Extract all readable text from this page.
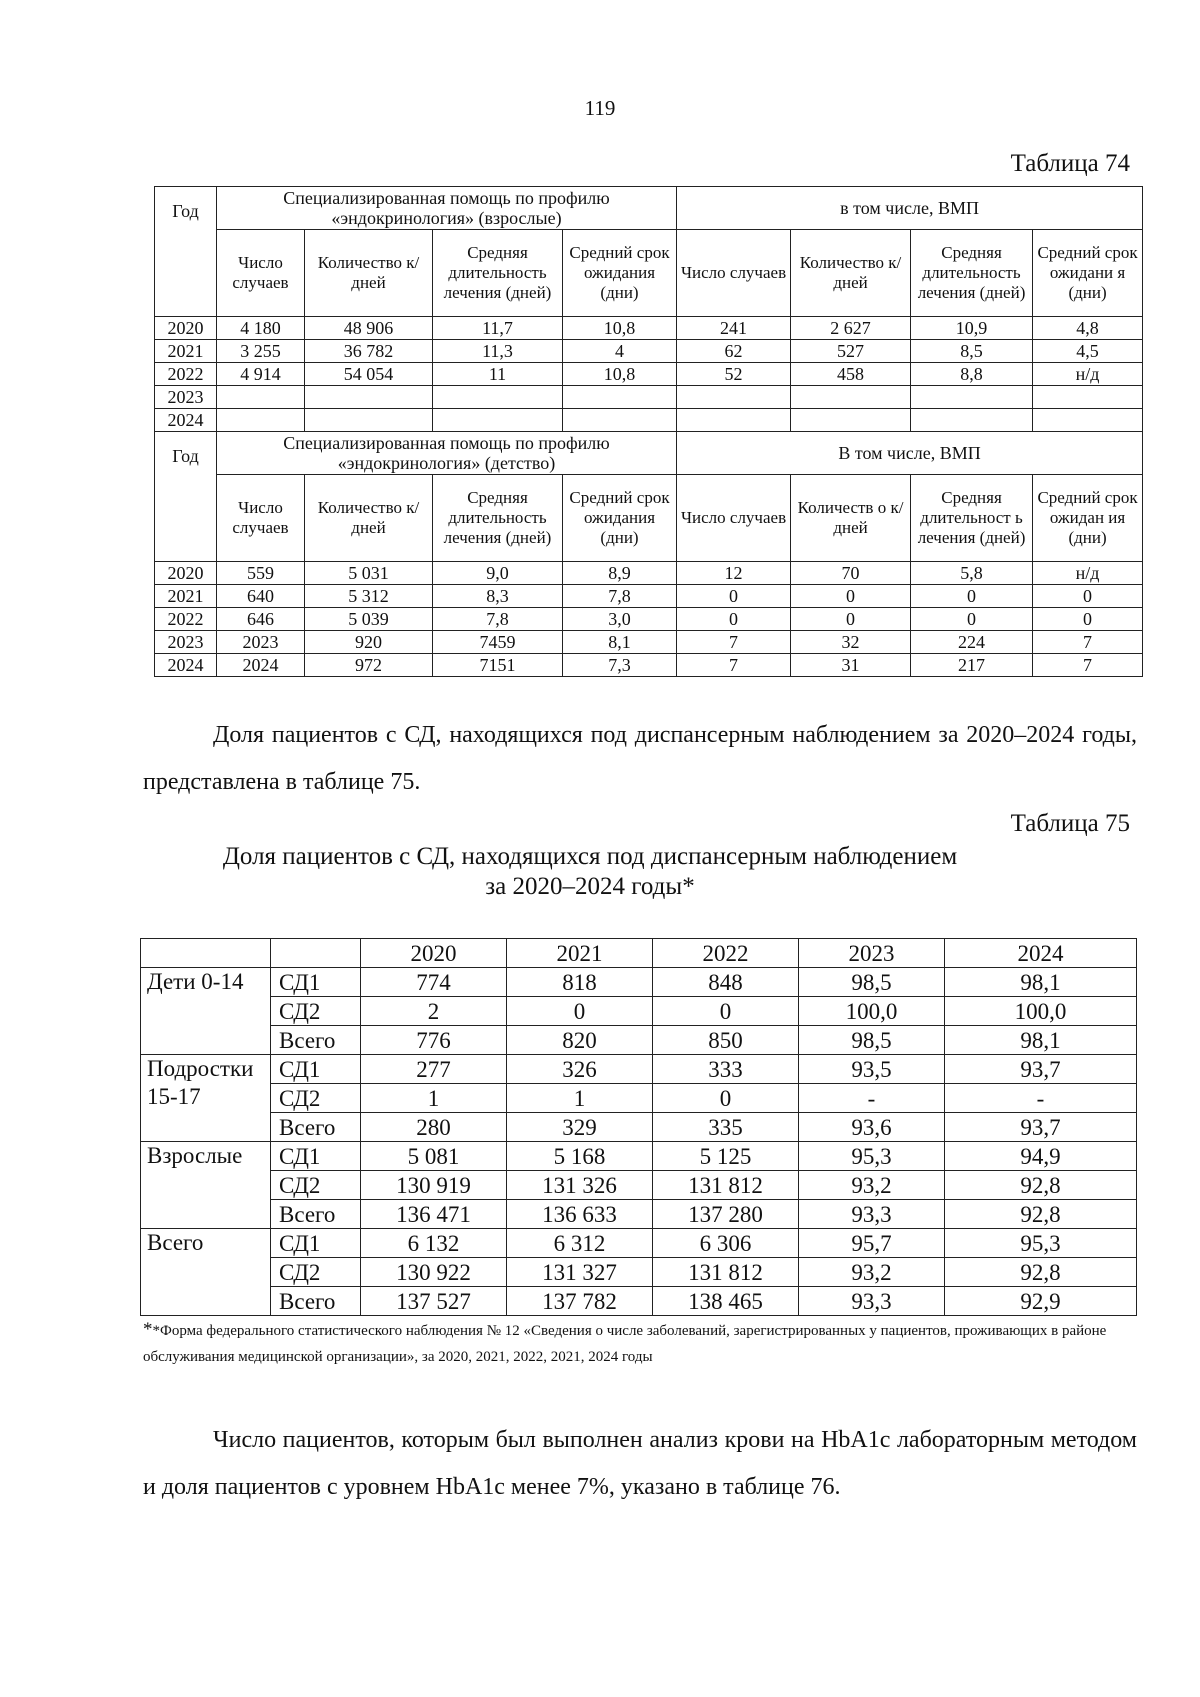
119
Таблица 74
Год	Специализированная помощь по профилю «эндокринология» (взрослые)				в том числе, ВМП			
	Число случаев	Количество к/дней	Средняя длительность лечения (дней)	Средний срок ожидания (дни)	Число случаев	Количество к/дней	Средняя длительность лечения (дней)	Средний срок ожидани я (дни)
2020	4 180	48 906	11,7	10,8	241	2 627	10,9	4,8
2021	3 255	36 782	11,3	4	62	527	8,5	4,5
2022	4 914	54 054	11	10,8	52	458	8,8	н/д
2023								
2024								
Год	Специализированная помощь по профилю «эндокринология» (детство)				В том числе, ВМП			
	Число случаев	Количество к/дней	Средняя длительность лечения (дней)	Средний срок ожидания (дни)	Число случаев	Количеств о к/дней	Средняя длительност ь лечения (дней)	Средний срок ожидан ия (дни)
2020	559	5 031	9,0	8,9	12	70	5,8	н/д
2021	640	5 312	8,3	7,8	0	0	0	0
2022	646	5 039	7,8	3,0	0	0	0	0
2023	2023	920	7459	8,1	7	32	224	7
2024	2024	972	7151	7,3	7	31	217	7
Доля пациентов с СД, находящихся под диспансерным наблюдением за 2020–2024 годы, представлена в таблице 75.
Таблица 75
Доля пациентов с СД, находящихся под диспансерным наблюдением
за 2020–2024 годы*
		2020	2021	2022	2023	2024
Дети 0-14	СД1	774	818	848	98,5	98,1
	СД2	2	0	0	100,0	100,0
	Всего	776	820	850	98,5	98,1
Подростки 15-17	СД1	277	326	333	93,5	93,7
	СД2	1	1	0	-	-
	Всего	280	329	335	93,6	93,7
Взрослые	СД1	5 081	5 168	5 125	95,3	94,9
	СД2	130 919	131 326	131 812	93,2	92,8
	Всего	136 471	136 633	137 280	93,3	92,8
Всего	СД1	6 132	6 312	6 306	95,7	95,3
	СД2	130 922	131 327	131 812	93,2	92,8
	Всего	137 527	137 782	138 465	93,3	92,9
**Форма федерального статистического наблюдения № 12 «Сведения о числе заболеваний, зарегистрированных у пациентов, проживающих в районе обслуживания медицинской организации», за 2020, 2021, 2022, 2021, 2024 годы
Число пациентов, которым был выполнен анализ крови на HbA1c лабораторным методом и доля пациентов с уровнем HbA1c менее 7%, указано в таблице 76.
